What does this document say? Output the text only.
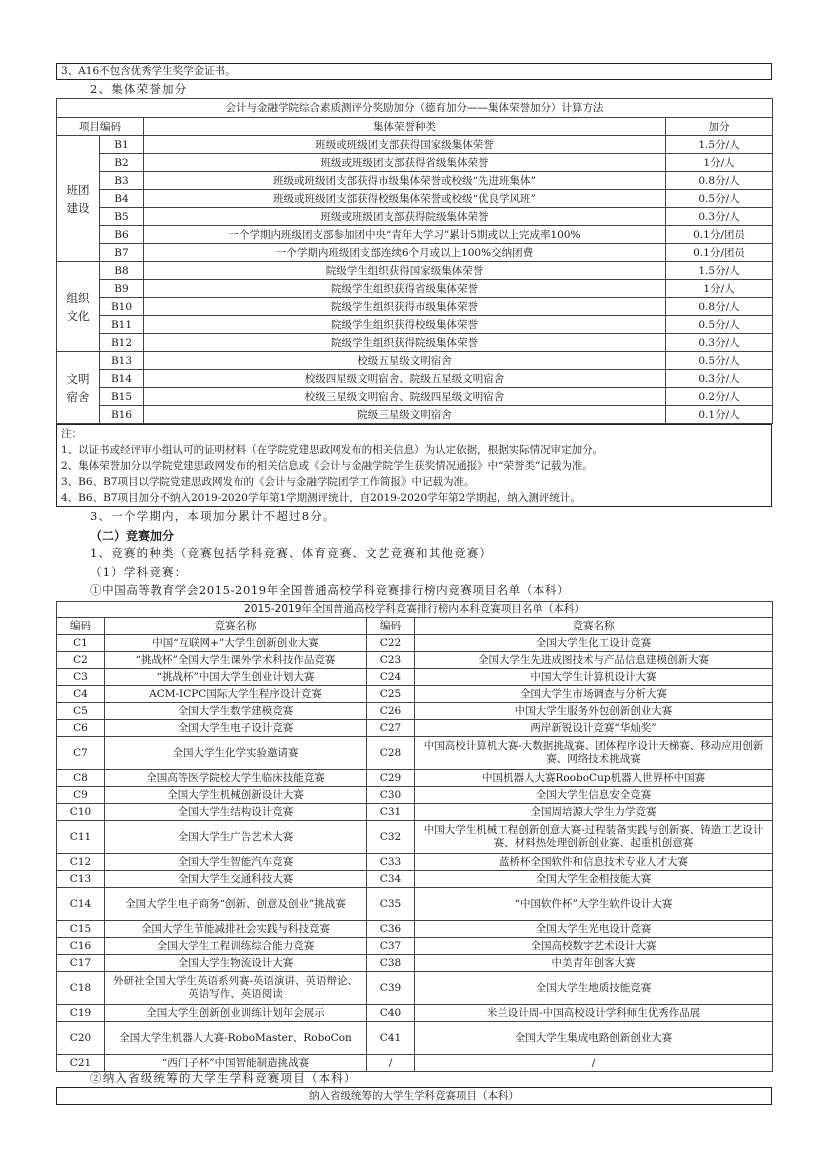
3、A16不包含优秀学生奖学金证书。
2、集体荣誉加分
会计与金融学院综合素质测评分奖励加分（德育加分——集体荣誉加分）计算方法			
项目编码		集体荣誉种类	加分
班团建设	B1	班级或班级团支部获得国家级集体荣誉	1.5分/人
	B2	班级或班级团支部获得省级集体荣誉	1分/人
	B3	班级或班级团支部获得市级集体荣誉或校级“先进班集体”	0.8分/人
	B4	班级或班级团支部获得校级集体荣誉或校级“优良学风班”	0.5分/人
	B5	班级或班级团支部获得院级集体荣誉	0.3分/人
	B6	一个学期内班级团支部参加团中央“青年大学习”累计5期或以上完成率100%	0.1分/团员
	B7	一个学期内班级团支部连续6个月或以上100%交纳团费	0.1分/团员
组织文化	B8	院级学生组织获得国家级集体荣誉	1.5分/人
	B9	院级学生组织获得省级集体荣誉	1分/人
	B10	院级学生组织获得市级集体荣誉	0.8分/人
	B11	院级学生组织获得校级集体荣誉	0.5分/人
	B12	院级学生组织获得院级集体荣誉	0.3分/人
文明宿舍	B13	校级五星级文明宿舍	0.5分/人
	B14	校级四星级文明宿舍、院级五星级文明宿舍	0.3分/人
	B15	校级三星级文明宿舍、院级四星级文明宿舍	0.2分/人
	B16	院级三星级文明宿舍	0.1分/人
注：
1、以证书或经评审小组认可的证明材料（在学院党建思政网发布的相关信息）为认定依据，根据实际情况审定加分。
2、集体荣誉加分以学院党建思政网发布的相关信息或《会计与金融学院学生获奖情况通报》中“荣誉类”记载为准。
3、B6、B7项目以学院党建思政网发布的《会计与金融学院团学工作简报》中记载为准。
4、B6、B7项目加分不纳入2019-2020学年第1学期测评统计，自2019-2020学年第2学期起，纳入测评统计。
3、一个学期内，本项加分累计不超过8分。
（二）竞赛加分
1、竞赛的种类（竞赛包括学科竞赛、体育竞赛、文艺竞赛和其他竞赛）
（1）学科竞赛：
①中国高等教育学会2015-2019年全国普通高校学科竞赛排行榜内竞赛项目名单（本科）
2015-2019年全国普通高校学科竞赛排行榜内本科竞赛项目名单（本科）			
编码	竞赛名称	编码	竞赛名称
C1	中国“互联网+”大学生创新创业大赛	C22	全国大学生化工设计竞赛
C2	“挑战杯”全国大学生课外学术科技作品竞赛	C23	全国大学生先进成图技术与产品信息建模创新大赛
C3	“挑战杯”中国大学生创业计划大赛	C24	中国大学生计算机设计大赛
C4	ACM-ICPC国际大学生程序设计竞赛	C25	全国大学生市场调查与分析大赛
C5	全国大学生数学建模竞赛	C26	中国大学生服务外包创新创业大赛
C6	全国大学生电子设计竞赛	C27	两岸新锐设计竞赛“华灿奖”
C7	全国大学生化学实验邀请赛	C28	中国高校计算机大赛-大数据挑战赛、团体程序设计天梯赛、移动应用创新赛、网络技术挑战赛
C8	全国高等医学院校大学生临床技能竞赛	C29	中国机器人大赛RooboCup机器人世界杯中国赛
C9	全国大学生机械创新设计大赛	C30	全国大学生信息安全竞赛
C10	全国大学生结构设计竞赛	C31	全国周培源大学生力学竞赛
C11	全国大学生广告艺术大赛	C32	中国大学生机械工程创新创意大赛-过程装备实践与创新赛、铸造工艺设计赛、材料热处理创新创业赛、起重机创意赛
C12	全国大学生智能汽车竞赛	C33	蓝桥杯全国软件和信息技术专业人才大赛
C13	全国大学生交通科技大赛	C34	全国大学生金相技能大赛
C14	全国大学生电子商务“创新、创意及创业”挑战赛	C35	“中国软件杯”大学生软件设计大赛
C15	全国大学生节能减排社会实践与科技竞赛	C36	全国大学生光电设计竞赛
C16	全国大学生工程训练综合能力竞赛	C37	全国高校数字艺术设计大赛
C17	全国大学生物流设计大赛	C38	中美青年创客大赛
C18	外研社全国大学生英语系列赛-英语演讲、英语辩论、英语写作、英语阅读	C39	全国大学生地质技能竞赛
C19	全国大学生创新创业训练计划年会展示	C40	米兰设计周-中国高校设计学科师生优秀作品展
C20	全国大学生机器人大赛-RoboMaster、RoboCon	C41	全国大学生集成电路创新创业大赛
C21	“西门子杯”中国智能制造挑战赛	/	/
②纳入省级统筹的大学生学科竞赛项目（本科）
纳入省级统筹的大学生学科竞赛项目（本科）
